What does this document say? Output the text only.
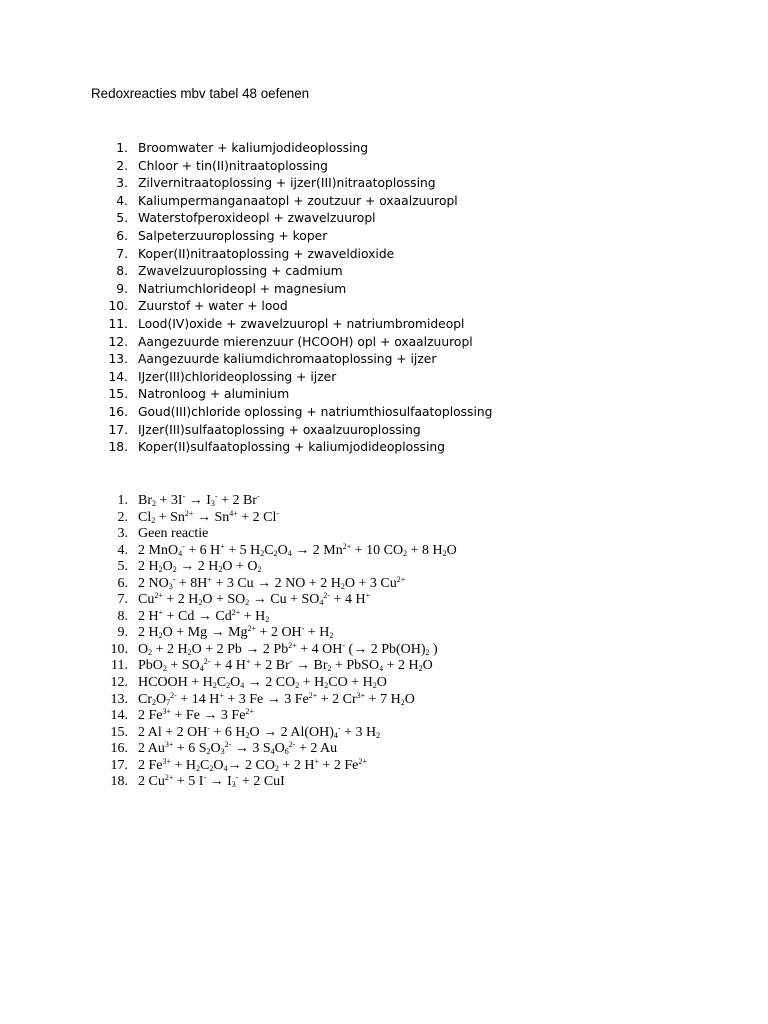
Redoxreacties mbv tabel 48 oefenen
1. Broomwater + kaliumjodideoplossing
2. Chloor + tin(II)nitraatoplossing
3. Zilvernitraatoplossing + ijzer(III)nitraatoplossing
4. Kaliumpermanganaatopl + zoutzuur + oxaalzuuropl
5. Waterstofperoxideopl + zwavelzuuropl
6. Salpeterzuuroplossing + koper
7. Koper(II)nitraatoplossing + zwaveldioxide
8. Zwavelzuuroplossing + cadmium
9. Natriumchlorideopl + magnesium
10. Zuurstof + water + lood
11. Lood(IV)oxide + zwavelzuuropl + natriumbromideopl
12. Aangezuurde mierenzuur (HCOOH) opl + oxaalzuuropl
13. Aangezuurde kaliumdichromaatoplossing + ijzer
14. IJzer(III)chlorideoplossing + ijzer
15. Natronloog + aluminium
16. Goud(III)chloride oplossing + natriumthiosulfaatoplossing
17. IJzer(III)sulfaatoplossing + oxaalzuuroplossing
18. Koper(II)sulfaatoplossing + kaliumjodideoplossing
1. $Br_2 + 3I^- \to I_3^- + 2$ Br-
2. $Cl_2 + Sn^{2+} \to Sn^{4+} + 2$ Cl-
3. Geen reactie
4. 2 MnO$_4$- + 6 H+ + 5 $H_2C_2O_4 \to 2$ $Mn^{2+} + 10$ $CO_2 + 8$ $H_2O$
5. 2 $H_2O_2 \to 2$ $H_2O + O_2$
6. 2 $NO_3^- + 8H^+ + 3$ Cu → 2 NO + 2 $H_2O + 3$ $Cu^{2+}$
7. $Cu^{2+} + 2$ $H_2O + SO_2 \to Cu + SO_4^{2-} + 4$ H+
8. 2 $H^+ + Cd \to Cd^{2+} + H_2$
9. 2 $H_2O + Mg \to Mg^{2+} + 2$ $OH^- + H_2$
10. $O_2 + 2$ $H_2O + 2$ Pb → 2 $Pb^{2+} + 4$ OH- (→ 2 $Pb(OH)_2$ )
11. $PbO_2 + SO_4^{2-} + 4$ H+ + 2 $Br^- \to Br_2$ + PbSO$_4$ + 2 $H_2O$
12. HCOOH + $H_2C_2O_4 \to 2$ $CO_2 + H_2CO + H_2O$
13. $Cr_2O_7^{2-} + 14$ H+ + 3 Fe → 3 $Fe^{2+} + 2$ $Cr^{3+} + 7$ $H_2O$
14. 2 $Fe^{3+} + Fe \to 3$ $Fe^{2+}$
15. 2 Al + 2 OH- + 6 $H_2O \to 2$ $Al(OH)_4^- + 3$ $H_2$
16. 2 $Au^{3+} + 6$ $S_2O_3^{2-} \to 3$ $S_4O_6^{2-} + 2$ Au
17. 2 $Fe^{3+} + H_2C_2O_4\to 2$ $CO_2 + 2$ H+ + 2 $Fe^{2+}$
18. 2 $Cu^{2+} + 5$ $I^- \to I_3^- + 2$ CuI
